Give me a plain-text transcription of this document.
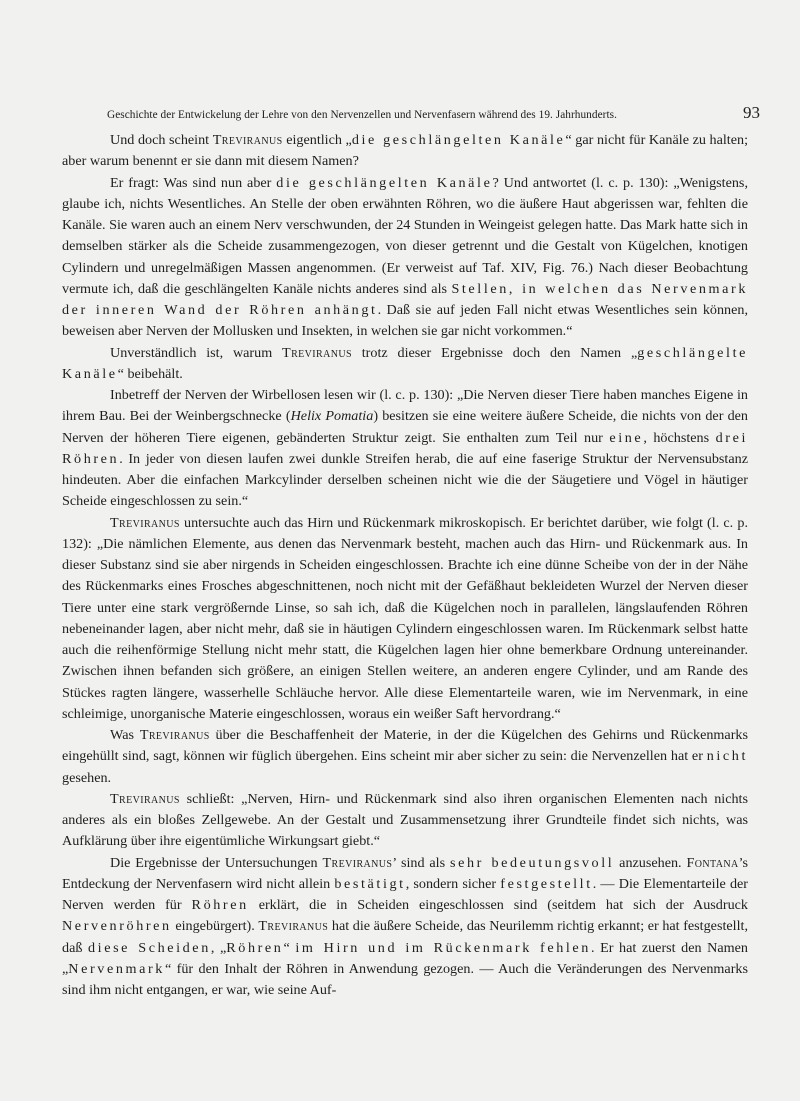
Geschichte der Entwickelung der Lehre von den Nervenzellen und Nervenfasern während des 19. Jahrhunderts.	93

Und doch scheint Treviranus eigentlich „die geschlängelten Kanäle“ gar nicht für Kanäle zu halten; aber warum benennt er sie dann mit diesem Namen?

Er fragt: Was sind nun aber die geschlängelten Kanäle? Und antwortet (l. c. p. 130): „Wenigstens, glaube ich, nichts Wesentliches. An Stelle der oben erwähnten Röhren, wo die äußere Haut abgerissen war, fehlten die Kanäle. Sie waren auch an einem Nerv verschwunden, der 24 Stunden in Weingeist gelegen hatte. Das Mark hatte sich in demselben stärker als die Scheide zusammengezogen, von dieser getrennt und die Gestalt von Kügelchen, knotigen Cylindern und unregelmäßigen Massen angenommen. (Er verweist auf Taf. XIV, Fig. 76.) Nach dieser Beobachtung vermute ich, daß die geschlängelten Kanäle nichts anderes sind als Stellen, in welchen das Nervenmark der inneren Wand der Röhren anhängt. Daß sie auf jeden Fall nicht etwas Wesentliches sein können, beweisen aber Nerven der Mollusken und Insekten, in welchen sie gar nicht vorkommen.“

Unverständlich ist, warum Treviranus trotz dieser Ergebnisse doch den Namen „geschlängelte Kanäle“ beibehält.

Inbetreff der Nerven der Wirbellosen lesen wir (l. c. p. 130): „Die Nerven dieser Tiere haben manches Eigene in ihrem Bau. Bei der Weinbergschnecke (Helix Pomatia) besitzen sie eine weitere äußere Scheide, die nichts von der den Nerven der höheren Tiere eigenen, gebänderten Struktur zeigt. Sie enthalten zum Teil nur eine, höchstens drei Röhren. In jeder von diesen laufen zwei dunkle Streifen herab, die auf eine faserige Struktur der Nervensubstanz hindeuten. Aber die einfachen Markcylinder derselben scheinen nicht wie die der Säugetiere und Vögel in häutiger Scheide eingeschlossen zu sein.“

Treviranus untersuchte auch das Hirn und Rückenmark mikroskopisch. Er berichtet darüber, wie folgt (l. c. p. 132): „Die nämlichen Elemente, aus denen das Nervenmark besteht, machen auch das Hirn- und Rückenmark aus. In dieser Substanz sind sie aber nirgends in Scheiden eingeschlossen. Brachte ich eine dünne Scheibe von der in der Nähe des Rückenmarks eines Frosches abgeschnittenen, noch nicht mit der Gefäßhaut bekleideten Wurzel der Nerven dieser Tiere unter eine stark vergrößernde Linse, so sah ich, daß die Kügelchen noch in parallelen, längslaufenden Röhren nebeneinander lagen, aber nicht mehr, daß sie in häutigen Cylindern eingeschlossen waren. Im Rückenmark selbst hatte auch die reihenförmige Stellung nicht mehr statt, die Kügelchen lagen hier ohne bemerkbare Ordnung untereinander. Zwischen ihnen befanden sich größere, an einigen Stellen weitere, an anderen engere Cylinder, und am Rande des Stückes ragten längere, wasserhelle Schläuche hervor. Alle diese Elementarteile waren, wie im Nervenmark, in eine schleimige, unorganische Materie eingeschlossen, woraus ein weißer Saft hervordrang.“

Was Treviranus über die Beschaffenheit der Materie, in der die Kügelchen des Gehirns und Rückenmarks eingehüllt sind, sagt, können wir füglich übergehen. Eins scheint mir aber sicher zu sein: die Nervenzellen hat er nicht gesehen.

Treviranus schließt: „Nerven, Hirn- und Rückenmark sind also ihren organischen Elementen nach nichts anderes als ein bloßes Zellgewebe. An der Gestalt und Zusammensetzung ihrer Grundteile findet sich nichts, was Aufklärung über ihre eigentümliche Wirkungsart giebt.“

Die Ergebnisse der Untersuchungen Treviranus’ sind als sehr bedeutungsvoll anzusehen. Fontana’s Entdeckung der Nervenfasern wird nicht allein bestätigt, sondern sicher festgestellt. — Die Elementarteile der Nerven werden für Röhren erklärt, die in Scheiden eingeschlossen sind (seitdem hat sich der Ausdruck Nervenröhren eingebürgert). Treviranus hat die äußere Scheide, das Neurilemm richtig erkannt; er hat festgestellt, daß diese Scheiden, „Röhren“ im Hirn und im Rückenmark fehlen. Er hat zuerst den Namen „Nervenmark“ für den Inhalt der Röhren in Anwendung gezogen. — Auch die Veränderungen des Nervenmarks sind ihm nicht entgangen, er war, wie seine Auf-
